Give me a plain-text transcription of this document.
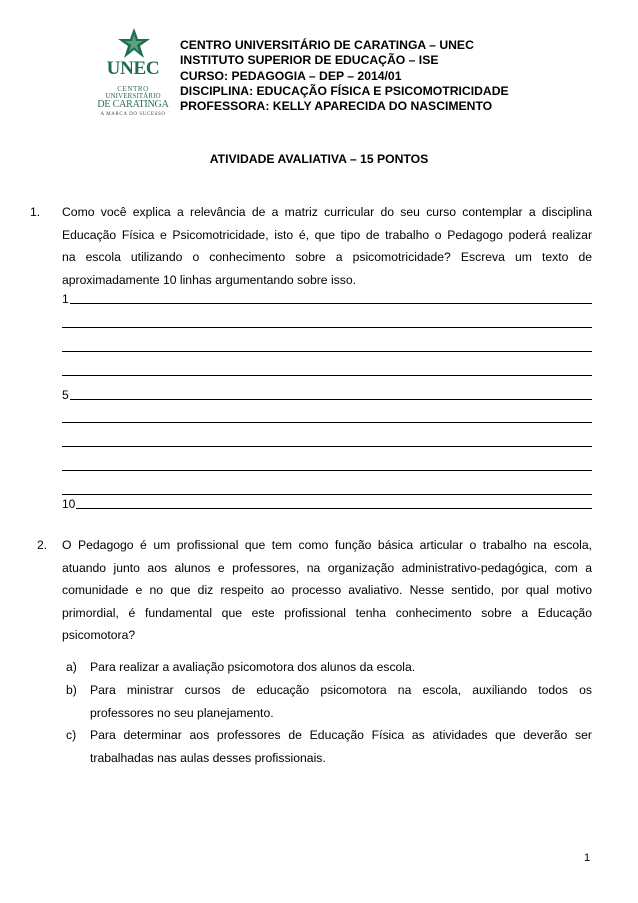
UNEC
CENTRO
UNIVERSITÁRIO
DE CARATINGA
A MARCA DO SUCESSO
CENTRO UNIVERSITÁRIO DE CARATINGA – UNEC
INSTITUTO SUPERIOR DE EDUCAÇÃO – ISE
CURSO: PEDAGOGIA – DEP – 2014/01
DISCIPLINA: EDUCAÇÃO FÍSICA E PSICOMOTRICIDADE
PROFESSORA: KELLY APARECIDA DO NASCIMENTO
ATIVIDADE AVALIATIVA – 15 PONTOS
1. Como você explica a relevância de a matriz curricular do seu curso contemplar a disciplina
Educação Física e Psicomotricidade, isto é, que tipo de trabalho o Pedagogo poderá realizar
na escola utilizando o conhecimento sobre a psicomotricidade? Escreva um texto de
aproximadamente 10 linhas argumentando sobre isso.
1
5
10
2. O Pedagogo é um profissional que tem como função básica articular o trabalho na escola,
atuando junto aos alunos e professores, na organização administrativo-pedagógica, com a
comunidade e no que diz respeito ao processo avaliativo. Nesse sentido, por qual motivo
primordial, é fundamental que este profissional tenha conhecimento sobre a Educação
psicomotora?
a) Para realizar a avaliação psicomotora dos alunos da escola.
b) Para ministrar cursos de educação psicomotora na escola, auxiliando todos os
professores no seu planejamento.
c) Para determinar aos professores de Educação Física as atividades que deverão ser
trabalhadas nas aulas desses profissionais.
1
